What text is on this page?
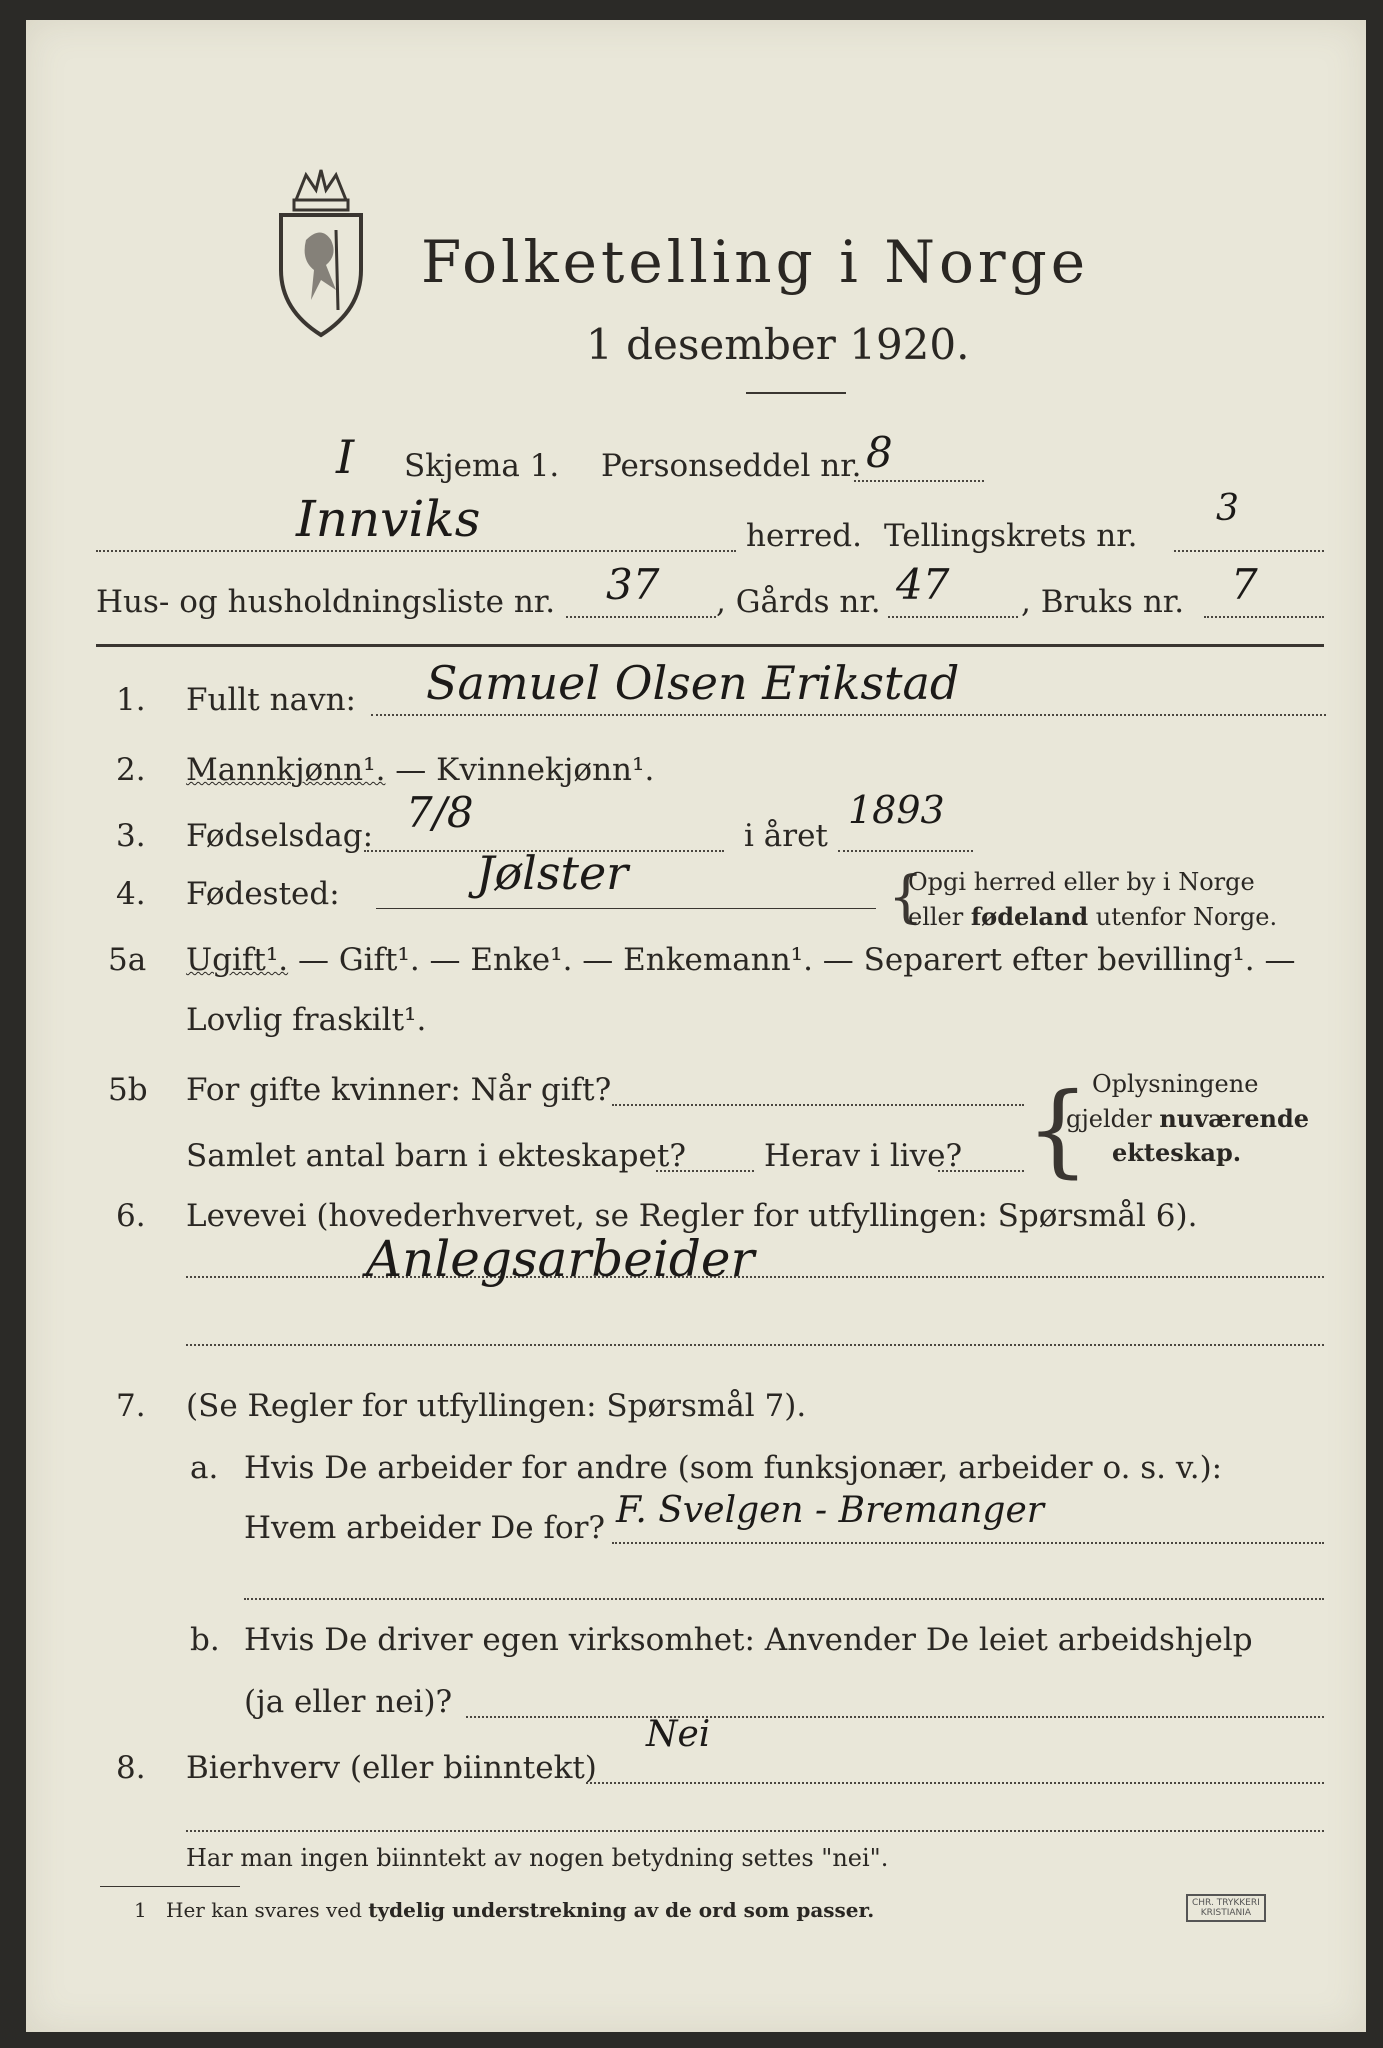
Folketelling i Norge
1 desember 1920.
I Skjema 1. Personseddel nr. 8
Innviks	herred. Tellingskrets nr.
3
Hus- og husholdningsliste nr. 37 , Gårds nr. 47 , Bruks nr. 7
1. Fullt navn: Samuel Olsen Erikstad
2. Mannkjønn¹. — Kvinnekjønn¹.
3. Fødselsdag: 7/8	i året
1893
4. Fødested:	Jølster	{
Opgi herred eller by i Norge
eller fødeland utenfor Norge.
5a Ugift¹. — Gift¹. — Enke¹. — Enkemann¹. — Separert efter bevilling¹. —
Lovlig fraskilt¹.
5b For gifte kvinner: Når gift?
Samlet antal barn i ekteskapet?	Herav i live? { Oplysningene
gjelder nuværende
ekteskap.
6. Levevei (hovederhvervet, se Regler for utfyllingen: Spørsmål 6).
Anlegsarbeider
7. (Se Regler for utfyllingen: Spørsmål 7).
a. Hvis De arbeider for andre (som funksjonær, arbeider o. s. v.):
Hvem arbeider De for? F. Svelgen - Bremanger
b. Hvis De driver egen virksomhet: Anvender De leiet arbeidshjelp
(ja eller nei)?
8. Bierhverv (eller biinntekt)
Nei
Har man ingen biinntekt av nogen betydning settes "nei".
1 Her kan svares ved tydelig understrekning av de ord som passer.	CHR. TRYKKERI
KRISTIANIA
